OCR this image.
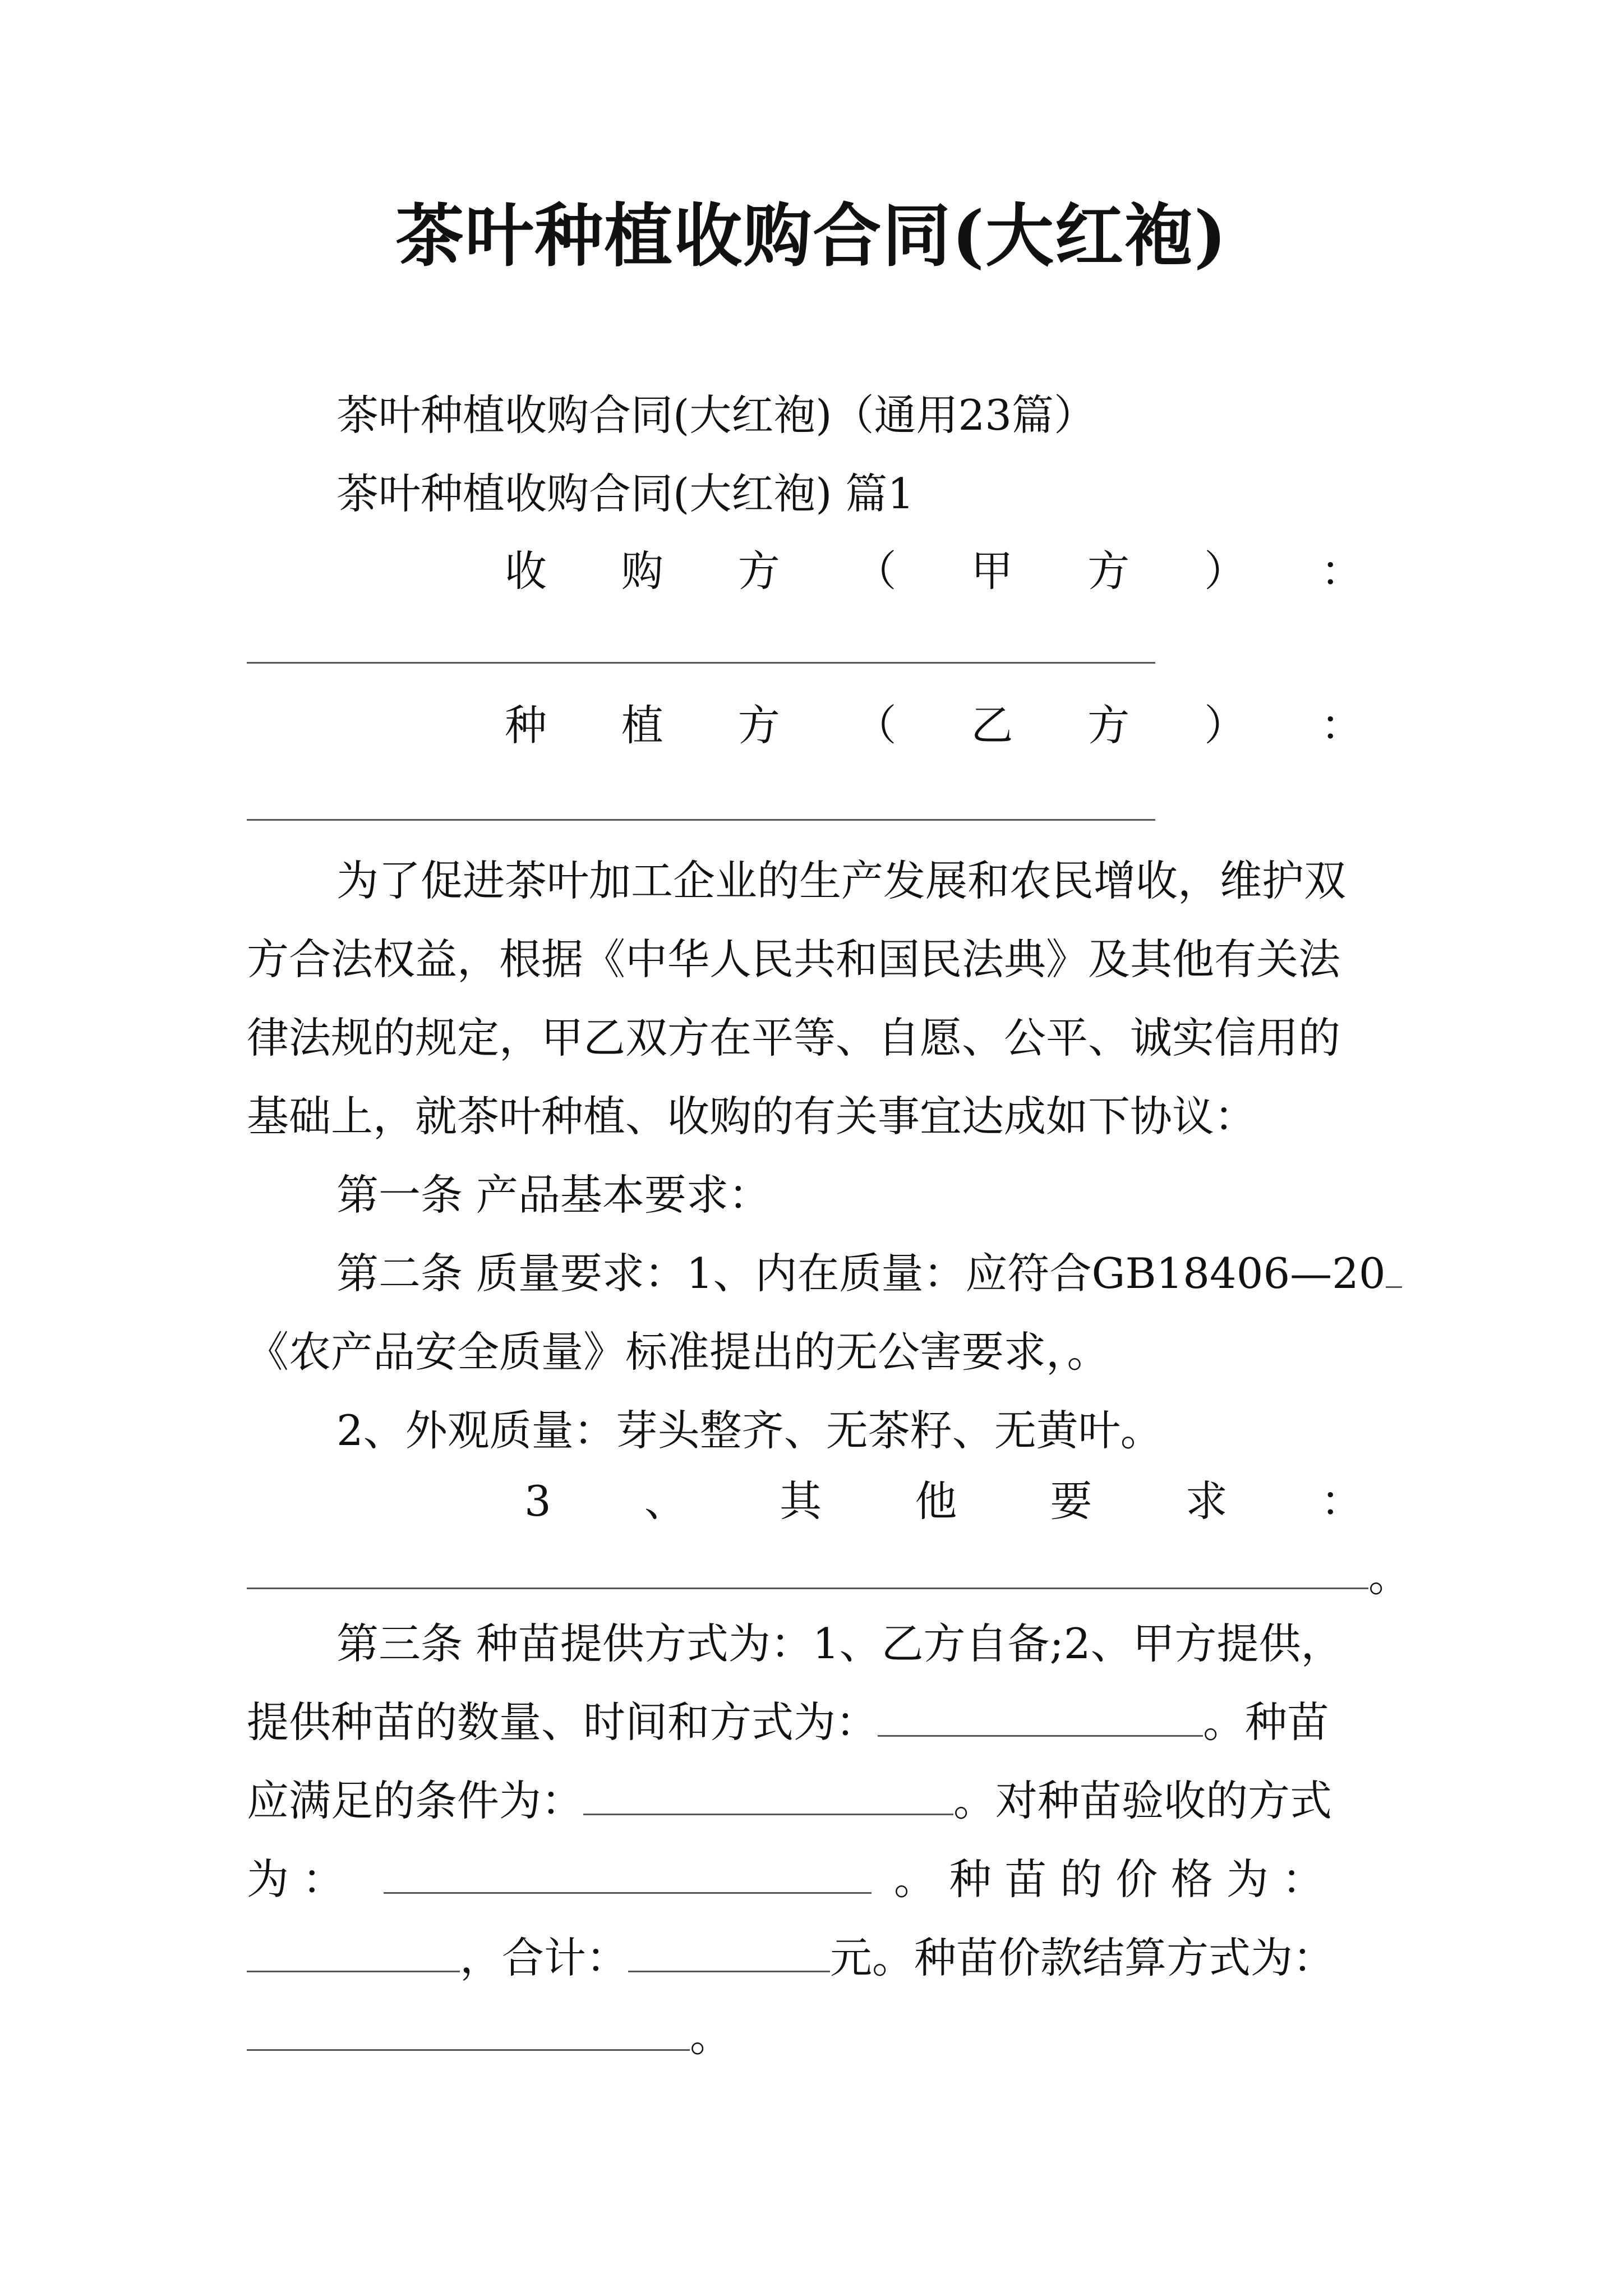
茶叶种植收购合同(大红袍)
茶叶种植收购合同(大红袍)（通用23篇）
茶叶种植收购合同(大红袍) 篇1
收 购 方 （ 甲 方 ） ：
种 植 方 （ 乙 方 ） ：
为了促进茶叶加工企业的生产发展和农民增收，维护双
方合法权益，根据《中华人民共和国民法典》及其他有关法
律法规的规定，甲乙双方在平等、自愿、公平、诚实信用的
基础上，就茶叶种植、收购的有关事宜达成如下协议：
第一条 产品基本要求：
第二条 质量要求：1、内在质量：应符合GB18406—20
《农产品安全质量》标准提出的无公害要求，。
2、外观质量：芽头整齐、无茶籽、无黄叶。
3 、 其 他 要 求 ：
。
第三条 种苗提供方式为：1、乙方自备;2、甲方提供，
提供种苗的数量、时间和方式为：	。种苗
应满足的条件为：	。对种苗验收的方式
为 ：	。 种 苗 的 价 格 为 ：
，合计：	元。种苗价款结算方式为：
。
